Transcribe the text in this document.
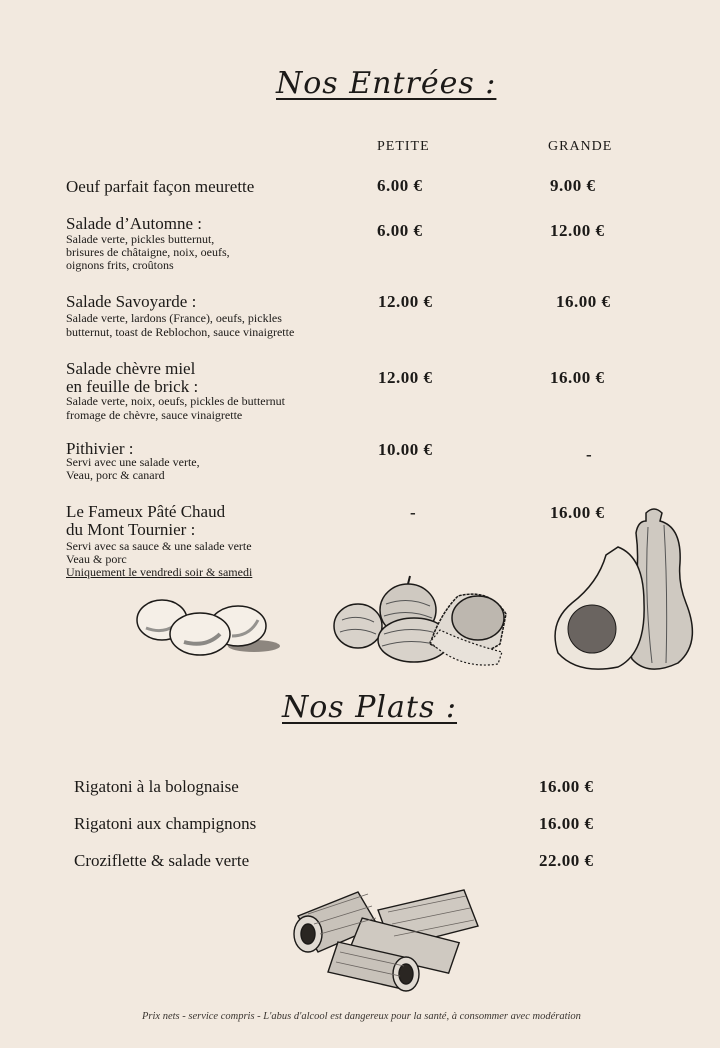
Nos Entrées :
PETITE	GRANDE
Oeuf parfait façon meurette	6.00 €	9.00 €
Salade d’Automne :
Salade verte, pickles butternut,
brisures de châtaigne, noix, oeufs,
oignons frits, croûtons
6.00 €	12.00 €
Salade Savoyarde :
Salade verte, lardons (France), oeufs, pickles
butternut, toast de Reblochon, sauce vinaigrette
12.00 €	16.00 €
Salade chèvre miel
en feuille de brick :
Salade verte, noix, oeufs, pickles de butternut
fromage de chèvre, sauce vinaigrette
12.00 €	16.00 €
Pithivier :
Servi avec une salade verte,
Veau, porc & canard
10.00 €	-
Le Fameux Pâté Chaud
du Mont Tournier :
Servi avec sa sauce & une salade verte
Veau & porc
Uniquement le vendredi soir & samedi
-	16.00 €
Nos Plats :
Rigatoni à la bolognaise	16.00 €
Rigatoni aux champignons	16.00 €
Croziflette & salade verte	22.00 €
Prix nets - service compris - L'abus d'alcool est dangereux pour la santé, à consommer avec modération
